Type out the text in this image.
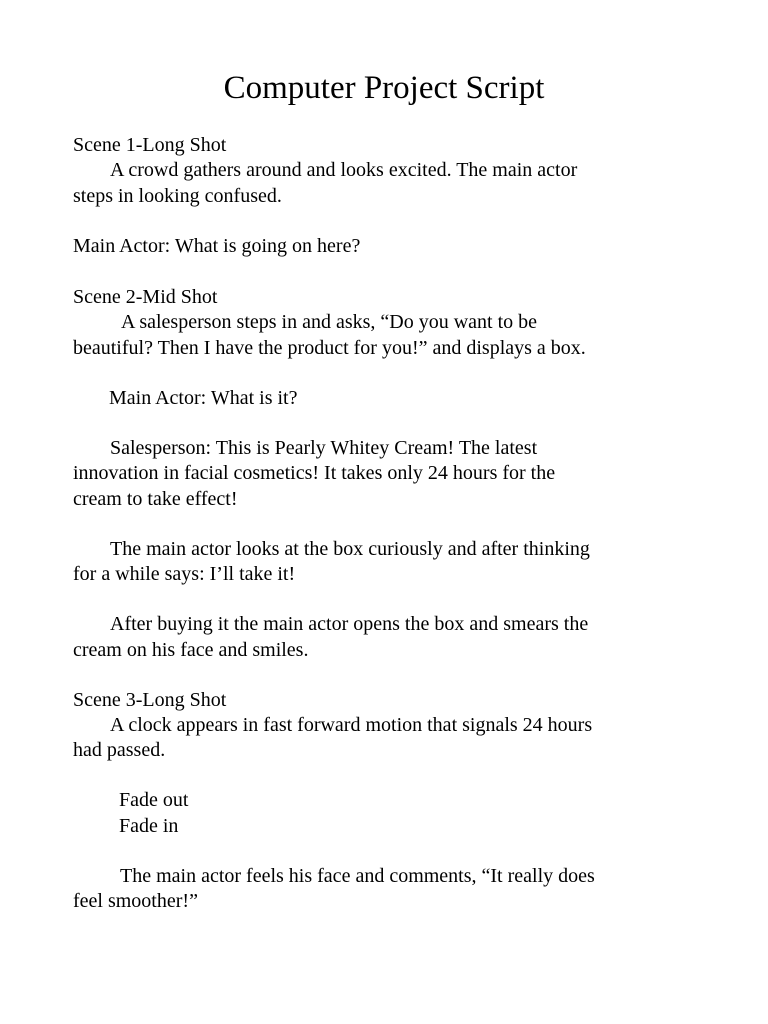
Computer Project Script

Scene 1-Long Shot

A crowd gathers around and looks excited. The main actor

steps in looking confused.

Main Actor: What is going on here?

Scene 2-Mid Shot

A salesperson steps in and asks, “Do you want to be

beautiful? Then I have the product for you!” and displays a box.

Main Actor: What is it?

Salesperson: This is Pearly Whitey Cream! The latest

innovation in facial cosmetics! It takes only 24 hours for the

cream to take effect!

The main actor looks at the box curiously and after thinking

for a while says: I’ll take it!

After buying it the main actor opens the box and smears the

cream on his face and smiles.

Scene 3-Long Shot

A clock appears in fast forward motion that signals 24 hours

had passed.

Fade out

Fade in

The main actor feels his face and comments, “It really does

feel smoother!”
